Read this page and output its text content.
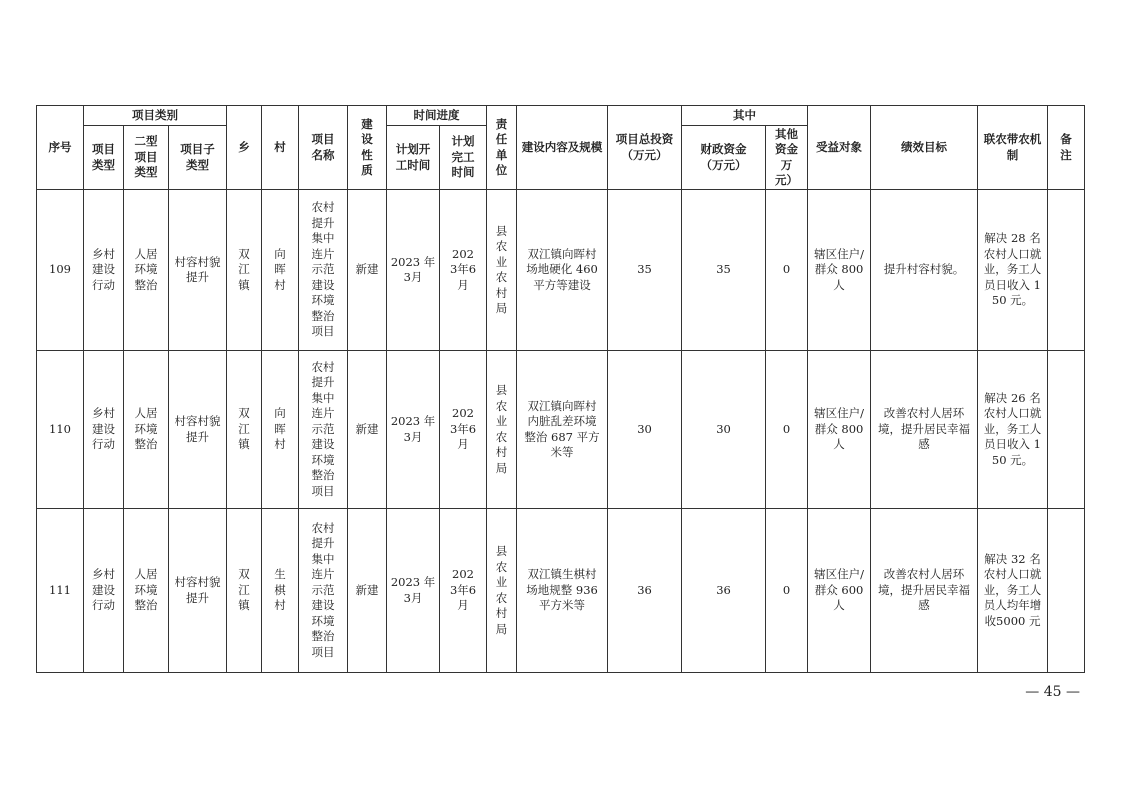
序号	项目类别			乡	村	项目名称	建设性质	时间进度		责任单位	建设内容及规模	项目总投资（万元）	其中		受益对象	绩效目标	联农带农机制	备注
	项目类型	二型项目类型	项目子类型					计划开工时间	计划完工时间				财政资金（万元）	其他资金万元）				
109	乡村建设行动	人居环境整治	村容村貌提升	双江镇	向晖村	农村提升集中连片示范建设环境整治项目	新建	2023 年3月	2023年6月	县农业农村局	双江镇向晖村场地硬化 460 平方等建设	35	35	0	辖区住户/群众 800 人	提升村容村貌。	解决 28 名农村人口就业，务工人员日收入 150 元。	
110	乡村建设行动	人居环境整治	村容村貌提升	双江镇	向晖村	农村提升集中连片示范建设环境整治项目	新建	2023 年3月	2023年6月	县农业农村局	双江镇向晖村内脏乱差环境整治 687 平方米等	30	30	0	辖区住户/群众 800 人	改善农村人居环境，提升居民幸福感	解决 26 名农村人口就业，务工人员日收入 150 元。	
111	乡村建设行动	人居环境整治	村容村貌提升	双江镇	生棋村	农村提升集中连片示范建设环境整治项目	新建	2023 年3月	2023年6月	县农业农村局	双江镇生棋村场地规整 936 平方米等	36	36	0	辖区住户/群众 600 人	改善农村人居环境，提升居民幸福感	解决 32 名农村人口就业，务工人员人均年增收5000 元	
— 45 —
